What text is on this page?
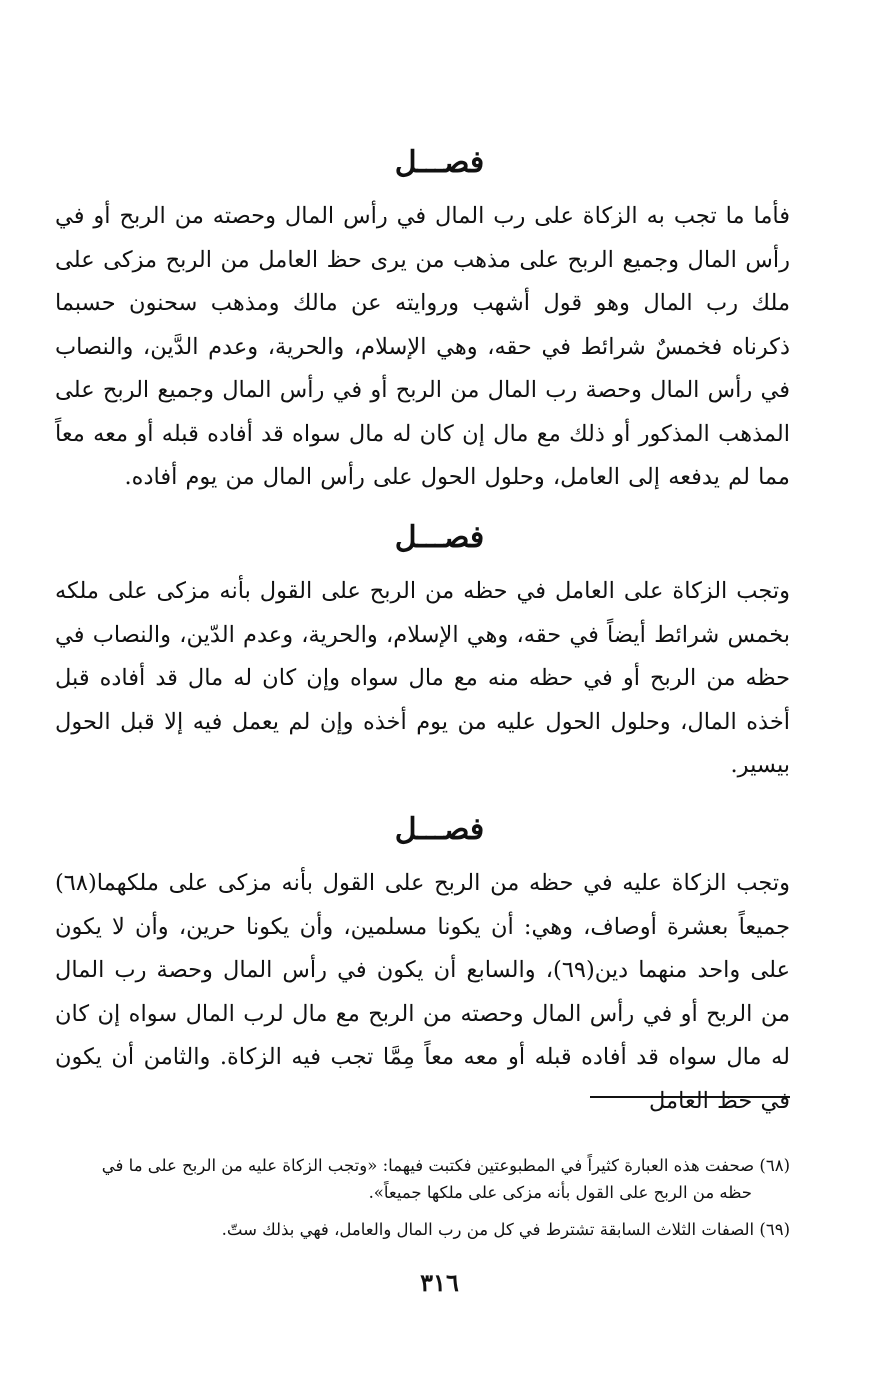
فصـــل

فأما ما تجب به الزكاة على رب المال في رأس المال وحصته من الربح أو في رأس المال وجميع الربح على مذهب من يرى حظ العامل من الربح مزكى على ملك رب المال وهو قول أشهب وروايته عن مالك ومذهب سحنون حسبما ذكرناه فخمسٌ شرائط في حقه، وهي الإسلام، والحرية، وعدم الدَّين، والنصاب في رأس المال وحصة رب المال من الربح أو في رأس المال وجميع الربح على المذهب المذكور أو ذلك مع مال إن كان له مال سواه قد أفاده قبله أو معه معاً مما لم يدفعه إلى العامل، وحلول الحول على رأس المال من يوم أفاده.

فصـــل

وتجب الزكاة على العامل في حظه من الربح على القول بأنه مزكى على ملكه بخمس شرائط أيضاً في حقه، وهي الإسلام، والحرية، وعدم الدّين، والنصاب في حظه من الربح أو في حظه منه مع مال سواه وإن كان له مال قد أفاده قبل أخذه المال، وحلول الحول عليه من يوم أخذه وإن لم يعمل فيه إلا قبل الحول بيسير.

فصـــل

وتجب الزكاة عليه في حظه من الربح على القول بأنه مزكى على ملكهما(٦٨) جميعاً بعشرة أوصاف، وهي: أن يكونا مسلمين، وأن يكونا حرين، وأن لا يكون على واحد منهما دين(٦٩)، والسابع أن يكون في رأس المال وحصة رب المال من الربح أو في رأس المال وحصته من الربح مع مال لرب المال سواه إن كان له مال سواه قد أفاده قبله أو معه معاً مِمَّا تجب فيه الزكاة. والثامن أن يكون في حظ العامل

(٦٨) صحفت هذه العبارة كثيراً في المطبوعتين فكتبت فيهما: «وتجب الزكاة عليه من الربح على ما في
حظه من الربح على القول بأنه مزكى على ملكها جميعاً».
(٦٩) الصفات الثلاث السابقة تشترط في كل من رب المال والعامل، فهي بذلك ستّ.
٣١٦
